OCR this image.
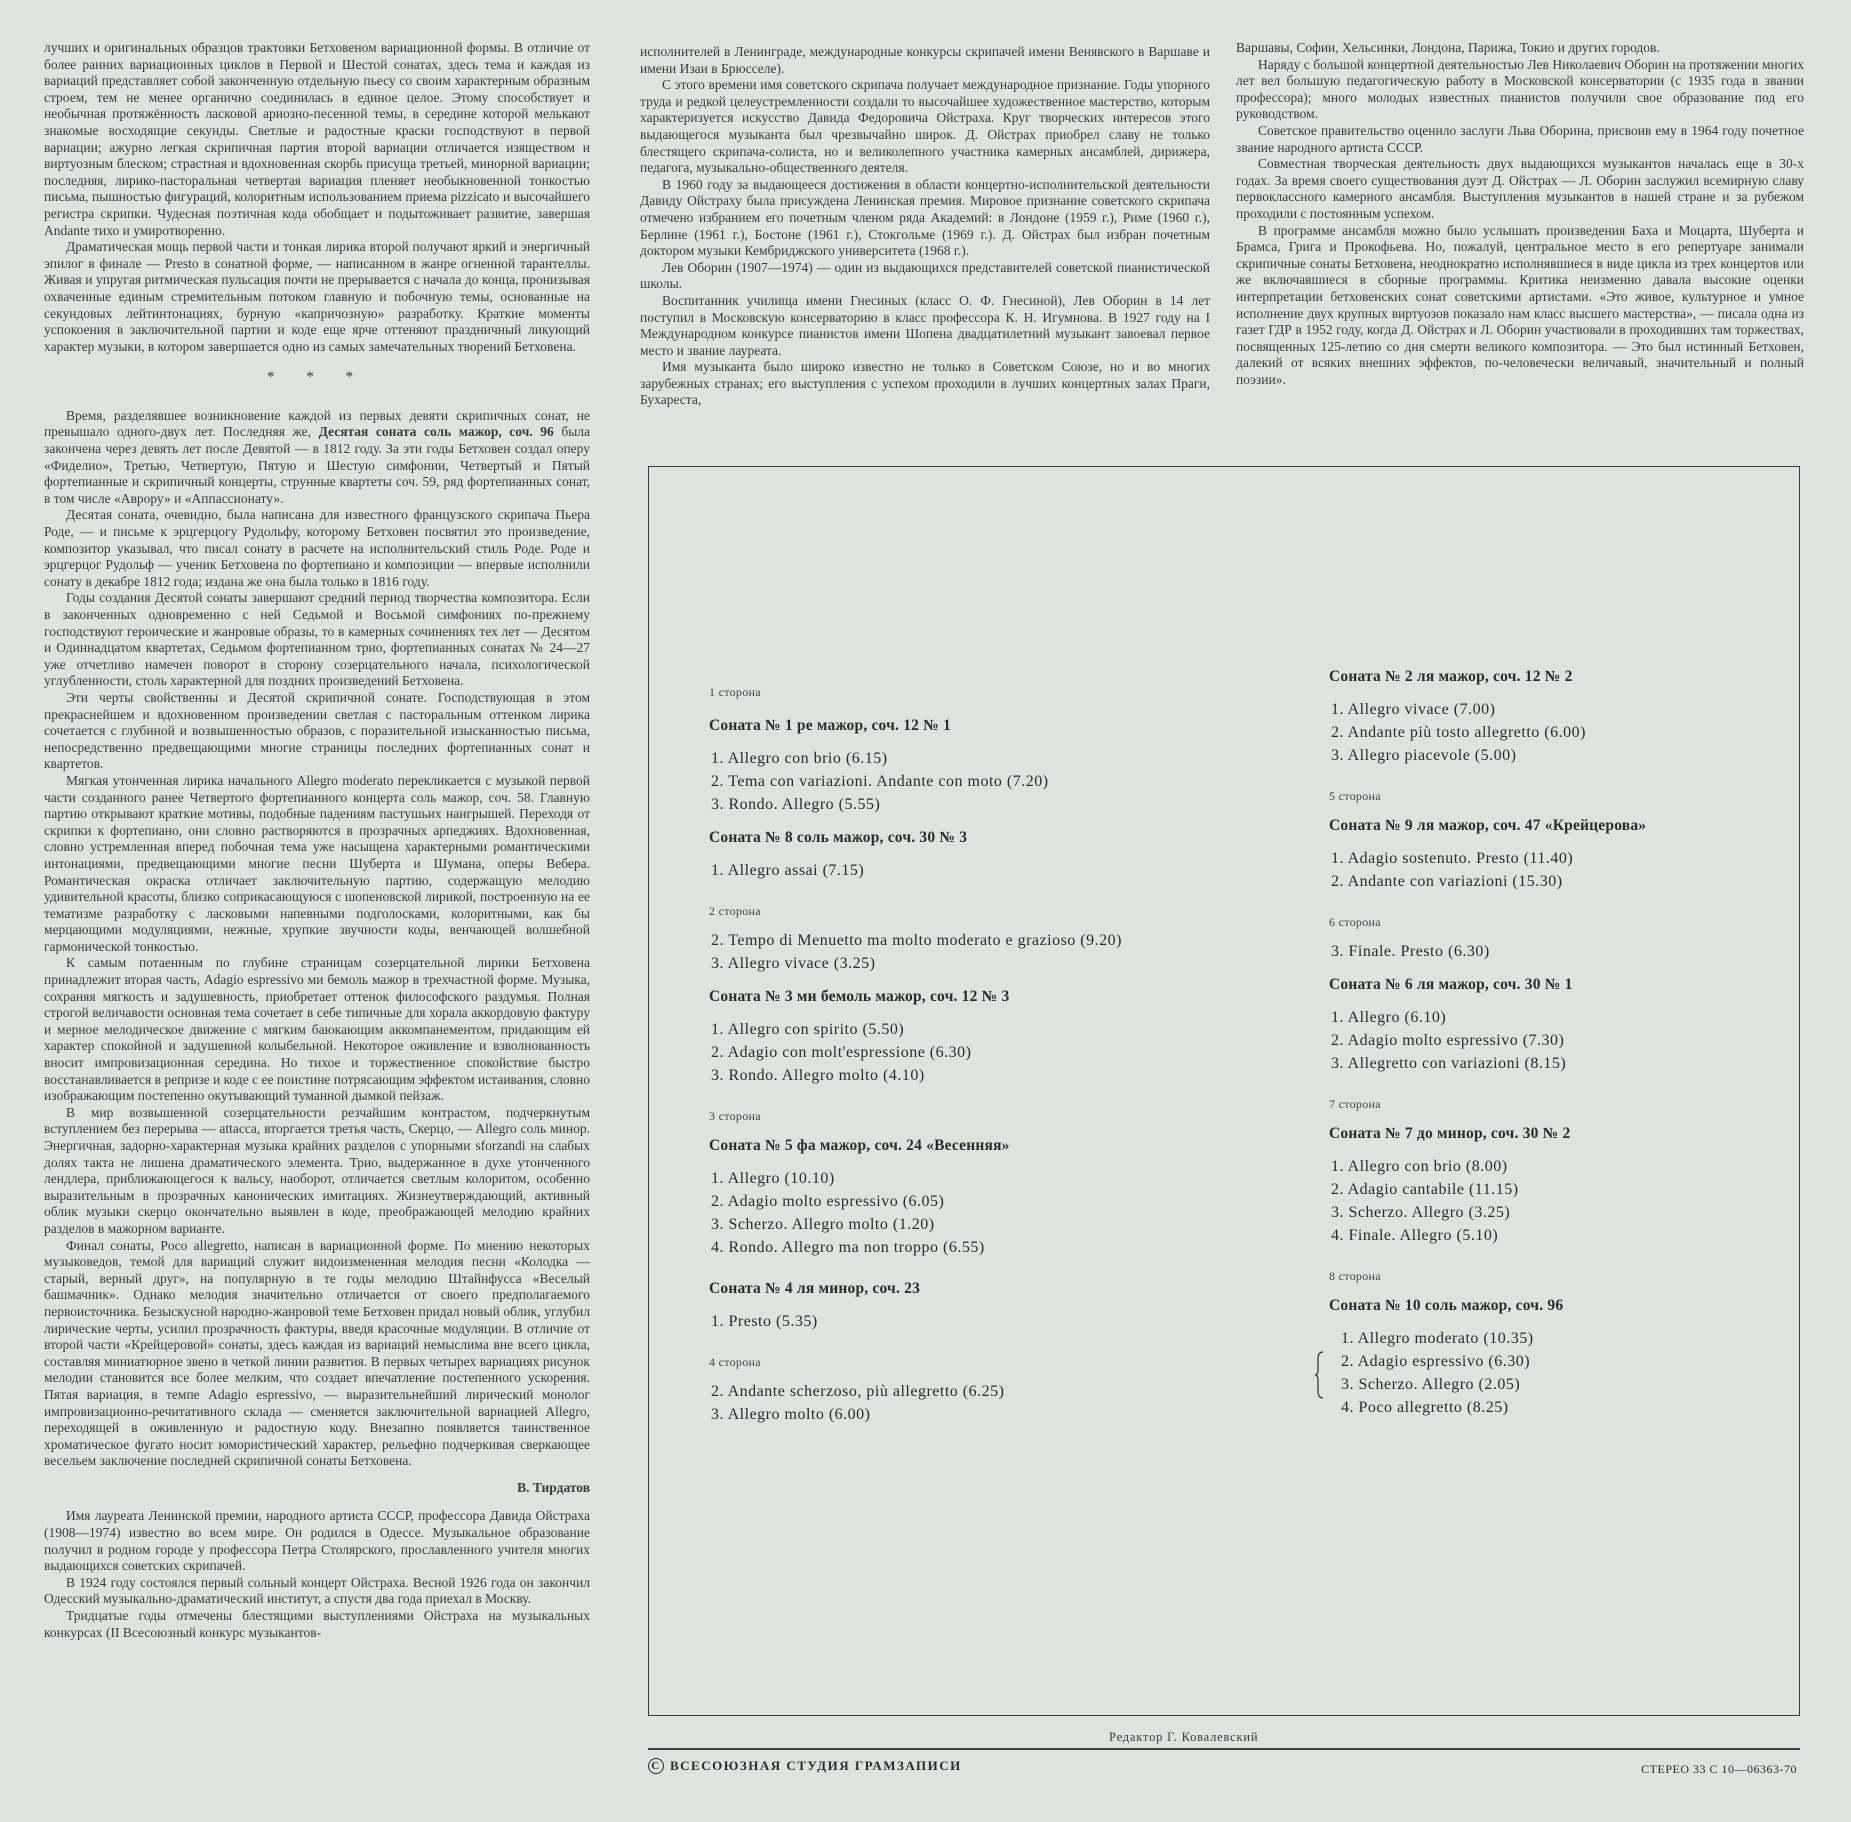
лучших и оригинальных образцов трактовки Бетховеном вариационной формы. В отличие от более ранних вариационных циклов в Первой и Шестой сонатах, здесь тема и каждая из вариаций представляет собой законченную отдельную пьесу со своим характерным образным строем, тем не менее органично соединилась в единое целое. Этому способствует и необычная протяжённость ласковой ариозно-песенной темы, в середине которой мелькают знакомые восходящие секунды. Светлые и радостные краски господствуют в первой вариации; ажурно легкая скрипичная партия второй вариации отличается изяществом и виртуозным блеском; страстная и вдохновенная скорбь присуща третьей, минорной вариации; последняя, лирико-пасторальная четвертая вариация пленяет необыкновенной тонкостью письма, пышностью фигураций, колоритным использованием приема pizzicato и высочайшего регистра скрипки. Чудесная поэтичная кода обобщает и подытоживает развитие, завершая Andante тихо и умиротворенно.

Драматическая мощь первой части и тонкая лирика второй получают яркий и энергичный эпилог в финале — Presto в сонатной форме, — написанном в жанре огненной тарантеллы. Живая и упругая ритмическая пульсация почти не прерывается с начала до конца, пронизывая охваченные единым стремительным потоком главную и побочную темы, основанные на секундовых лейтинтонациях, бурную «капричозную» разработку. Краткие моменты успокоения в заключительной партии и коде еще ярче оттеняют праздничный ликующий характер музыки, в котором завершается одно из самых замечательных творений Бетховена.

* * *

Время, разделявшее возникновение каждой из первых девяти скрипичных сонат, не превышало одного-двух лет. Последняя же, Десятая соната соль мажор, соч. 96 была закончена через девять лет после Девятой — в 1812 году. За эти годы Бетховен создал оперу «Фиделио», Третью, Четвертую, Пятую и Шестую симфонии, Четвертый и Пятый фортепианные и скрипичный концерты, струнные квартеты соч. 59, ряд фортепианных сонат, в том числе «Аврору» и «Аппассионату».

Десятая соната, очевидно, была написана для известного французского скрипача Пьера Роде, — и письме к эрцгерцогу Рудольфу, которому Бетховен посвятил это произведение, композитор указывал, что писал сонату в расчете на исполнительский стиль Роде. Роде и эрцгерцог Рудольф — ученик Бетховена по фортепиано и композиции — впервые исполнили сонату в декабре 1812 года; издана же она была только в 1816 году.

Годы создания Десятой сонаты завершают средний период творчества композитора. Если в законченных одновременно с ней Седьмой и Восьмой симфониях по-прежнему господствуют героические и жанровые образы, то в камерных сочинениях тех лет — Десятом и Одиннадцатом квартетах, Седьмом фортепианном трио, фортепианных сонатах № 24—27 уже отчетливо намечен поворот в сторону созерцательного начала, психологической углубленности, столь характерной для поздних произведений Бетховена.

Эти черты свойственны и Десятой скрипичной сонате. Господствующая в этом прекраснейшем и вдохновенном произведении светлая с пасторальным оттенком лирика сочетается с глубиной и возвышенностью образов, с поразительной изысканностью письма, непосредственно предвещающими многие страницы последних фортепианных сонат и квартетов.

Мягкая утонченная лирика начального Allegro moderato перекликается с музыкой первой части созданного ранее Четвертого фортепианного концерта соль мажор, соч. 58. Главную партию открывают краткие мотивы, подобные падениям пастушьих наигрышей. Переходя от скрипки к фортепиано, они словно растворяются в прозрачных арпеджиях. Вдохновенная, словно устремленная вперед побочная тема уже насыщена характерными романтическими интонациями, предвещающими многие песни Шуберта и Шумана, оперы Вебера. Романтическая окраска отличает заключительную партию, содержащую мелодию удивительной красоты, близко соприкасающуюся с шопеновской лирикой, построенную на ее тематизме разработку с ласковыми напевными подголосками, колоритными, как бы мерцающими модуляциями, нежные, хрупкие звучности коды, венчающей волшебной гармонической тонкостью.

К самым потаенным по глубине страницам созерцательной лирики Бетховена принадлежит вторая часть, Adagio espressivo ми бемоль мажор в трехчастной форме. Музыка, сохраняя мягкость и задушевность, приобретает оттенок философского раздумья. Полная строгой величавости основная тема сочетает в себе типичные для хорала аккордовую фактуру и мерное мелодическое движение с мягким баюкающим аккомпанементом, придающим ей характер спокойной и задушевной колыбельной. Некоторое оживление и взволнованность вносит импровизационная середина. Но тихое и торжественное спокойствие быстро восстанавливается в репризе и коде с ее поистине потрясающим эффектом истаивания, словно изображающим постепенно окутывающий туманной дымкой пейзаж.

В мир возвышенной созерцательности резчайшим контрастом, подчеркнутым вступлением без перерыва — attacca, вторгается третья часть, Скерцо, — Allegro соль минор. Энергичная, задорно-характерная музыка крайних разделов с упорными sforzandi на слабых долях такта не лишена драматического элемента. Трио, выдержанное в духе утонченного лендлера, приближающегося к вальсу, наоборот, отличается светлым колоритом, особенно выразительным в прозрачных канонических имитациях. Жизнеутверждающий, активный облик музыки скерцо окончательно выявлен в коде, преображающей мелодию крайних разделов в мажорном варианте.

Финал сонаты, Poco allegretto, написан в вариационной форме. По мнению некоторых музыковедов, темой для вариаций служит видоизмененная мелодия песни «Колодка — старый, верный друг», на популярную в те годы мелодию Штайнфусса «Веселый башмачник». Однако мелодия значительно отличается от своего предполагаемого первоисточника. Безыскусной народно-жанровой теме Бетховен придал новый облик, углубил лирические черты, усилил прозрачность фактуры, введя красочные модуляции. В отличие от второй части «Крейцеровой» сонаты, здесь каждая из вариаций немыслима вне всего цикла, составляя миниатюрное звено в четкой линии развития. В первых четырех вариациях рисунок мелодии становится все более мелким, что создает впечатление постепенного ускорения. Пятая вариация, в темпе Adagio espressivo, — выразительнейший лирический монолог импровизационно-речитативного склада — сменяется заключительной вариацией Allegro, переходящей в оживленную и радостную коду. Внезапно появляется таинственное хроматическое фугато носит юмористический характер, рельефно подчеркивая сверкающее весельем заключение последней скрипичной сонаты Бетховена.

В. Тирдатов

Имя лауреата Ленинской премии, народного артиста СССР, профессора Давида Ойстраха (1908—1974) известно во всем мире. Он родился в Одессе. Музыкальное образование получил в родном городе у профессора Петра Столярского, прославленного учителя многих выдающихся советских скрипачей.

В 1924 году состоялся первый сольный концерт Ойстраха. Весной 1926 года он закончил Одесский музыкально-драматический институт, а спустя два года приехал в Москву.

Тридцатые годы отмечены блестящими выступлениями Ойстраха на музыкальных конкурсах (II Всесоюзный конкурс музыкантов-

исполнителей в Ленинграде, международные конкурсы скрипачей имени Венявского в Варшаве и имени Изаи в Брюсселе).

С этого времени имя советского скрипача получает международное признание. Годы упорного труда и редкой целеустремленности создали то высочайшее художественное мастерство, которым характеризуется искусство Давида Федоровича Ойстраха. Круг творческих интересов этого выдающегося музыканта был чрезвычайно широк. Д. Ойстрах приобрел славу не только блестящего скрипача-солиста, но и великолепного участника камерных ансамблей, дирижера, педагога, музыкально-общественного деятеля.

В 1960 году за выдающееся достижения в области концертно-исполнительской деятельности Давиду Ойстраху была присуждена Ленинская премия. Мировое признание советского скрипача отмечено избранием его почетным членом ряда Академий: в Лондоне (1959 г.), Риме (1960 г.), Берлине (1961 г.), Бостоне (1961 г.), Стокгольме (1969 г.). Д. Ойстрах был избран почетным доктором музыки Кембриджского университета (1968 г.).

Лев Оборин (1907—1974) — один из выдающихся представителей советской пианистической школы.

Воспитанник училища имени Гнесиных (класс О. Ф. Гнесиной), Лев Оборин в 14 лет поступил в Московскую консерваторию в класс профессора К. Н. Игумнова. В 1927 году на I Международном конкурсе пианистов имени Шопена двадцатилетний музыкант завоевал первое место и звание лауреата.

Имя музыканта было широко известно не только в Советском Союзе, но и во многих зарубежных странах; его выступления с успехом проходили в лучших концертных залах Праги, Бухареста,

Варшавы, Софии, Хельсинки, Лондона, Парижа, Токио и других городов.

Наряду с большой концертной деятельностью Лев Николаевич Оборин на протяжении многих лет вел большую педагогическую работу в Московской консерватории (с 1935 года в звании профессора); много молодых известных пианистов получили свое образование под его руководством.

Советское правительство оценило заслуги Льва Оборина, присвоив ему в 1964 году почетное звание народного артиста СССР.

Совместная творческая деятельность двух выдающихся музыкантов началась еще в 30-х годах. За время своего существования дуэт Д. Ойстрах — Л. Оборин заслужил всемирную славу первоклассного камерного ансамбля. Выступления музыкантов в нашей стране и за рубежом проходили с постоянным успехом.

В программе ансамбля можно было услышать произведения Баха и Моцарта, Шуберта и Брамса, Грига и Прокофьева. Но, пожалуй, центральное место в его репертуаре занимали скрипичные сонаты Бетховена, неоднократно исполнявшиеся в виде цикла из трех концертов или же включавшиеся в сборные программы. Критика неизменно давала высокие оценки интерпретации бетховенских сонат советскими артистами. «Это живое, культурное и умное исполнение двух крупных виртуозов показало нам класс высшего мастерства», — писала одна из газет ГДР в 1952 году, когда Д. Ойстрах и Л. Оборин участвовали в проходивших там торжествах, посвященных 125-летию со дня смерти великого композитора. — Это был истинный Бетховен, далекий от всяких внешних эффектов, по-человечески величавый, значительный и полный поэзии».

1 сторона
Соната № 1 ре мажор, соч. 12 № 1
1. Allegro con brio (6.15)
2. Tema con variazioni. Andante con moto (7.20)
3. Rondo. Allegro (5.55)
Соната № 8 соль мажор, соч. 30 № 3
1. Allegro assai (7.15)
2 сторона
2. Tempo di Menuetto ma molto moderato e grazioso (9.20)
3. Allegro vivace (3.25)
Соната № 3 ми бемоль мажор, соч. 12 № 3
1. Allegro con spirito (5.50)
2. Adagio con molt'espressione (6.30)
3. Rondo. Allegro molto (4.10)
3 сторона
Соната № 5 фа мажор, соч. 24 «Весенняя»
1. Allegro (10.10)
2. Adagio molto espressivo (6.05)
3. Scherzo. Allegro molto (1.20)
4. Rondo. Allegro ma non troppo (6.55)
Соната № 4 ля минор, соч. 23
1. Presto (5.35)
4 сторона
2. Andante scherzoso, più allegretto (6.25)
3. Allegro molto (6.00)
Соната № 2 ля мажор, соч. 12 № 2
1. Allegro vivace (7.00)
2. Andante più tosto allegretto (6.00)
3. Allegro piacevole (5.00)
5 сторона
Соната № 9 ля мажор, соч. 47 «Крейцерова»
1. Adagio sostenuto. Presto (11.40)
2. Andante con variazioni (15.30)
6 сторона
3. Finale. Presto (6.30)
Соната № 6 ля мажор, соч. 30 № 1
1. Allegro (6.10)
2. Adagio molto espressivo (7.30)
3. Allegretto con variazioni (8.15)
7 сторона
Соната № 7 до минор, соч. 30 № 2
1. Allegro con brio (8.00)
2. Adagio cantabile (11.15)
3. Scherzo. Allegro (3.25)
4. Finale. Allegro (5.10)
8 сторона
Соната № 10 соль мажор, соч. 96
1. Allegro moderato (10.35)
2. Adagio espressivo (6.30)
3. Scherzo. Allegro (2.05)
4. Poco allegretto (8.25)
Редактор Г. Ковалевский
C ВСЕСОЮЗНАЯ СТУДИЯ ГРАМЗАПИСИ	СТЕРЕО 33 С 10—06363-70
